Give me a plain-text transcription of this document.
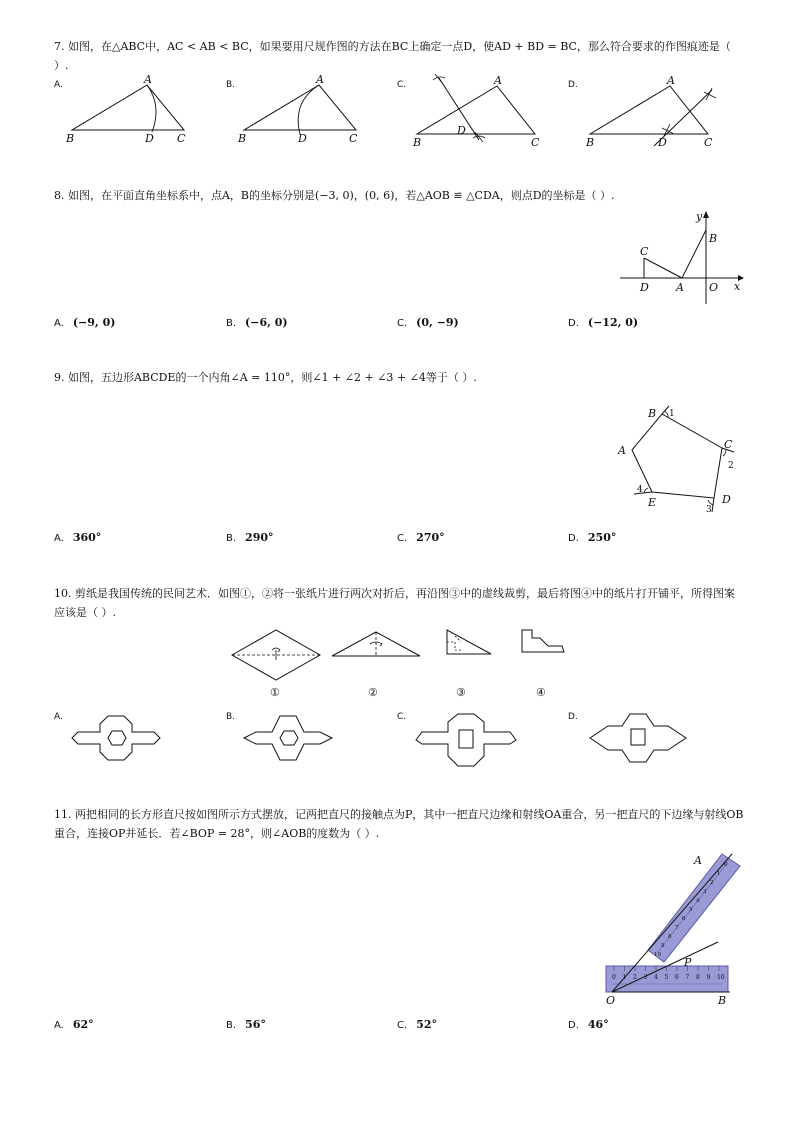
7. 如图，在△ABC中，AC < AB < BC，如果要用尺规作图的方法在BC上确定一点D，使AD + BD = BC，那么符合要求的作图痕迹是（ ）.
A.	B.	C.	D.
A
B	D C
A
B	D	C
A
B
D
C
A
B	D	C
8. 如图，在平面直角坐标系中，点A，B的坐标分别是(−3, 0)，(0, 6)，若△AOB ≌ △CDA，则点D的坐标是（ ）.
x
y
O
A
B
C
D
A. (−9, 0)	B. (−6, 0)	C. (0, −9)	D. (−12, 0)
9. 如图，五边形ABCDE的一个内角∠A = 110°，则∠1 + ∠2 + ∠3 + ∠4等于（ ）.
A
B
C
D
E
1
2
3
4
A. 360°	B. 290°	C. 270°	D. 250°
10. 剪纸是我国传统的民间艺术．如图①，②将一张纸片进行两次对折后，再沿图③中的虚线裁剪，最后将图④中的纸片打开铺平，所得图案应该是（ ）.
①	②	③	④
A.	B.	C.	D.
11. 两把相同的长方形直尺按如图所示方式摆放，记两把直尺的接触点为P，其中一把直尺边缘和射线OA重合，另一把直尺的下边缘与射线OB重合，连接OP并延长．若∠BOP = 28°，则∠AOB的度数为（ ）.
0 1 2 3 4 5 6 7 8 9 10
0
1
2
3
4
5
6
7
8
9
10
A
O	B
P
A. 62°	B. 56°	C. 52°	D. 46°
